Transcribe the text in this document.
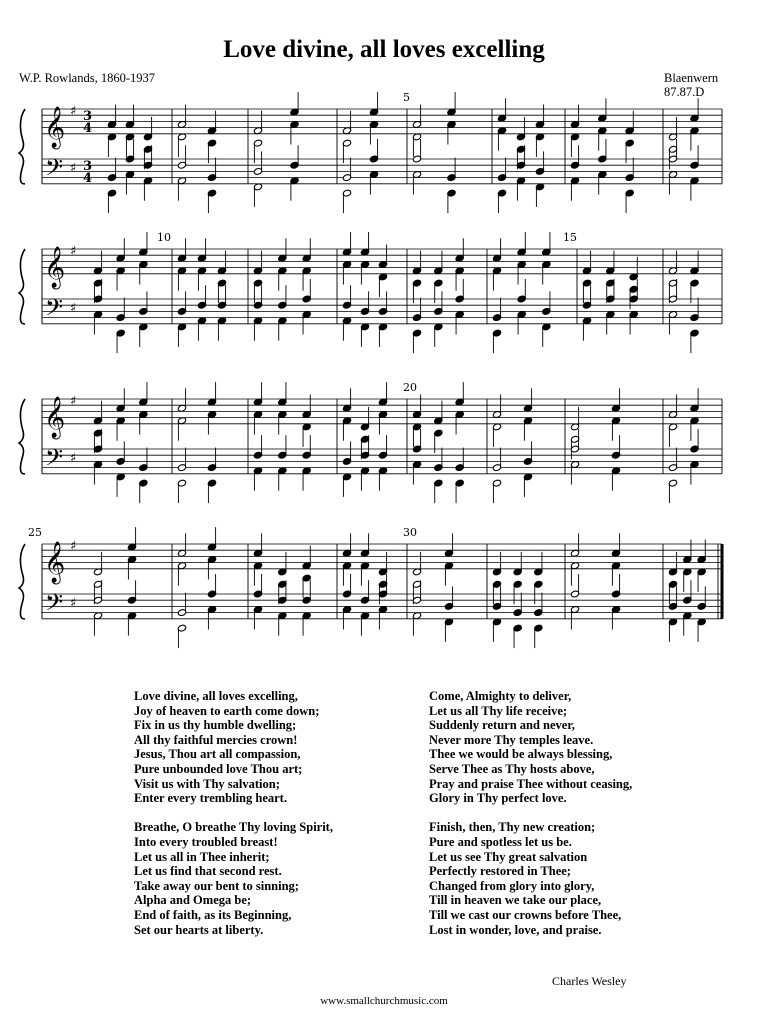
Love divine, all loves excelling
W.P. Rowlands, 1860-1937	Blaenwern
87.87.D
𝄞
𝄢
♯
♯
3
4
3
4
5
𝄞
𝄢
♯
♯
10	15
𝄞
𝄢
♯
♯
20
𝄞
𝄢
♯
♯
25	30
Love divine, all loves excelling,
Joy of heaven to earth come down;
Fix in us thy humble dwelling;
All thy faithful mercies crown!
Jesus, Thou art all compassion,
Pure unbounded love Thou art;
Visit us with Thy salvation;
Enter every trembling heart.
Breathe, O breathe Thy loving Spirit,
Into every troubled breast!
Let us all in Thee inherit;
Let us find that second rest.
Take away our bent to sinning;
Alpha and Omega be;
End of faith, as its Beginning,
Set our hearts at liberty.
Come, Almighty to deliver,
Let us all Thy life receive;
Suddenly return and never,
Never more Thy temples leave.
Thee we would be always blessing,
Serve Thee as Thy hosts above,
Pray and praise Thee without ceasing,
Glory in Thy perfect love.
Finish, then, Thy new creation;
Pure and spotless let us be.
Let us see Thy great salvation
Perfectly restored in Thee;
Changed from glory into glory,
Till in heaven we take our place,
Till we cast our crowns before Thee,
Lost in wonder, love, and praise.
Charles Wesley
www.smallchurchmusic.com
